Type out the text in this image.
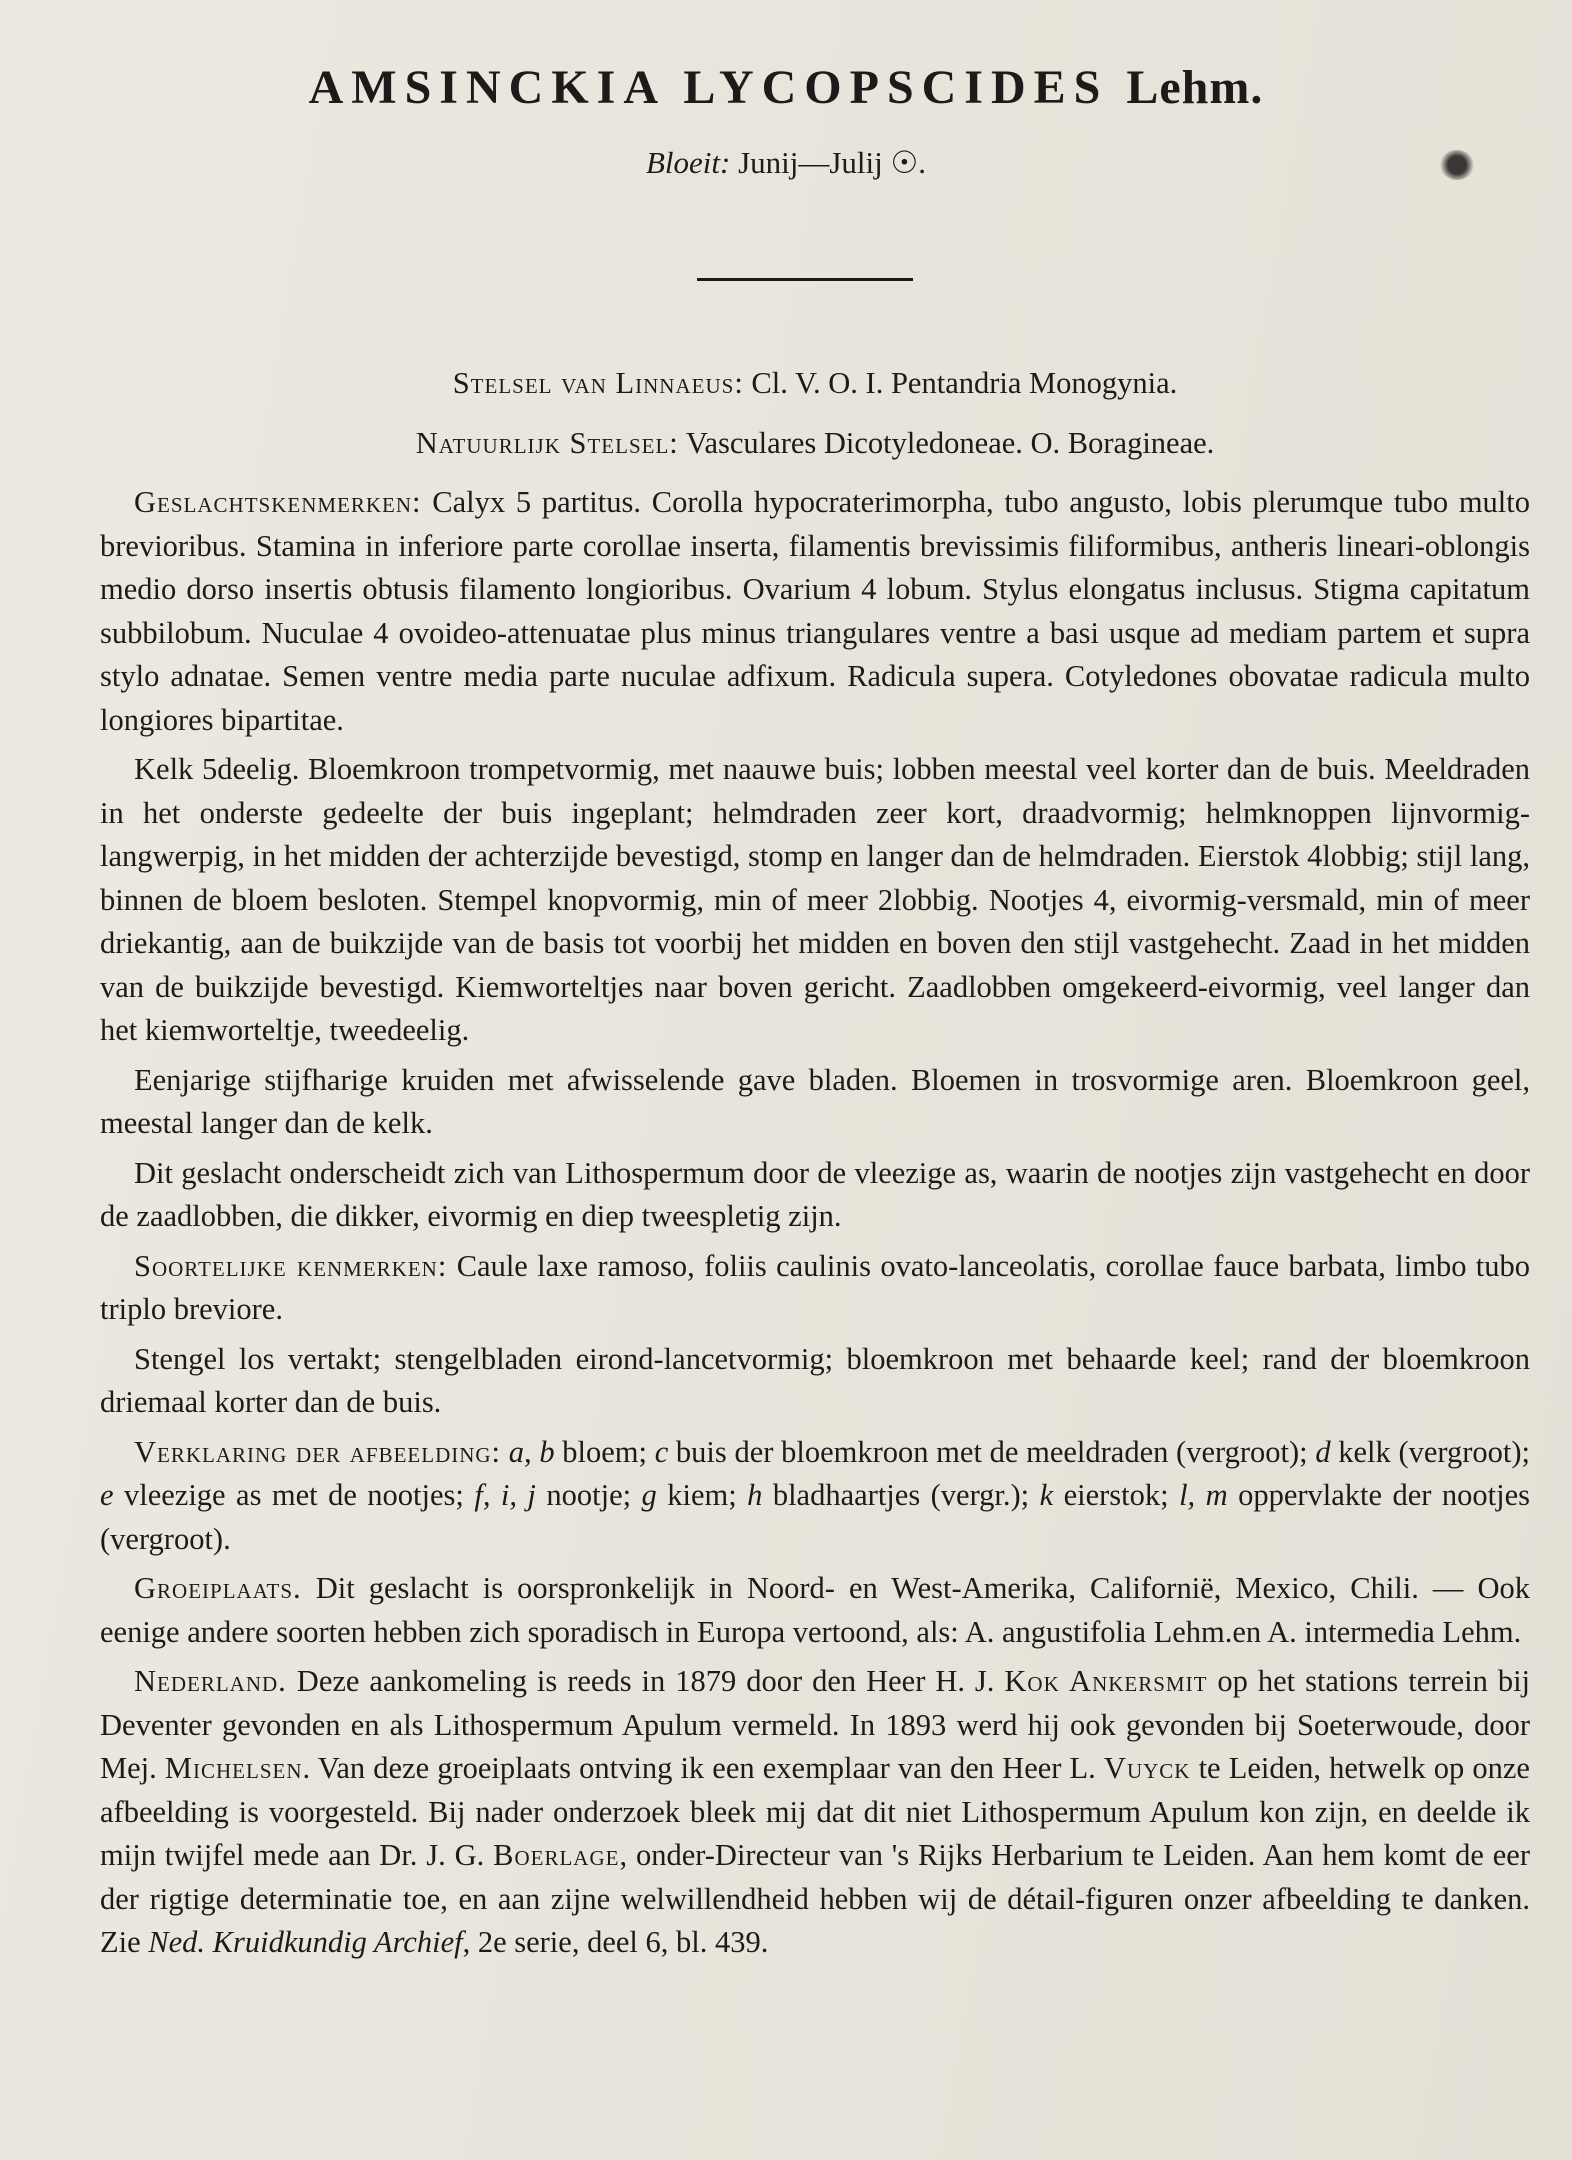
AMSINCKIA LYCOPSCIDES Lehm.
Bloeit: Junij—Julij ☉.

Stelsel van Linnaeus: Cl. V. O. I. Pentandria Monogynia.

Natuurlijk Stelsel: Vasculares Dicotyledoneae. O. Boragineae.

Geslachtskenmerken: Calyx 5 partitus. Corolla hypocraterimorpha, tubo angusto, lobis plerumque tubo multo brevioribus. Stamina in inferiore parte corollae inserta, filamentis brevissimis filiformibus, antheris lineari-oblongis medio dorso insertis obtusis filamento longioribus. Ovarium 4 lobum. Stylus elongatus inclusus. Stigma capitatum subbilobum. Nuculae 4 ovoideo-attenuatae plus minus triangulares ventre a basi usque ad mediam partem et supra stylo adnatae. Semen ventre media parte nuculae adfixum. Radicula supera. Cotyledones obovatae radicula multo longiores bipartitae.

Kelk 5deelig. Bloemkroon trompetvormig, met naauwe buis; lobben meestal veel korter dan de buis. Meeldraden in het onderste gedeelte der buis ingeplant; helmdraden zeer kort, draadvormig; helmknoppen lijnvormig-langwerpig, in het midden der achterzijde bevestigd, stomp en langer dan de helmdraden. Eierstok 4lobbig; stijl lang, binnen de bloem besloten. Stempel knopvormig, min of meer 2lobbig. Nootjes 4, eivormig-versmald, min of meer driekantig, aan de buikzijde van de basis tot voorbij het midden en boven den stijl vastgehecht. Zaad in het midden van de buikzijde bevestigd. Kiemworteltjes naar boven gericht. Zaadlobben omgekeerd-eivormig, veel langer dan het kiemworteltje, tweedeelig.

Eenjarige stijfharige kruiden met afwisselende gave bladen. Bloemen in trosvormige aren. Bloemkroon geel, meestal langer dan de kelk.

Dit geslacht onderscheidt zich van Lithospermum door de vleezige as, waarin de nootjes zijn vastgehecht en door de zaadlobben, die dikker, eivormig en diep tweespletig zijn.

Soortelijke kenmerken: Caule laxe ramoso, foliis caulinis ovato-lanceolatis, corollae fauce barbata, limbo tubo triplo breviore.

Stengel los vertakt; stengelbladen eirond-lancetvormig; bloemkroon met behaarde keel; rand der bloemkroon driemaal korter dan de buis.

Verklaring der afbeelding: a, b bloem; c buis der bloemkroon met de meeldraden (vergroot); d kelk (vergroot); e vleezige as met de nootjes; f, i, j nootje; g kiem; h bladhaartjes (vergr.); k eierstok; l, m oppervlakte der nootjes (vergroot).

Groeiplaats. Dit geslacht is oorspronkelijk in Noord- en West-Amerika, Californië, Mexico, Chili. — Ook eenige andere soorten hebben zich sporadisch in Europa vertoond, als: A. angustifolia Lehm.en A. intermedia Lehm.

Nederland. Deze aankomeling is reeds in 1879 door den Heer H. J. Kok Ankersmit op het stations terrein bij Deventer gevonden en als Lithospermum Apulum vermeld. In 1893 werd hij ook gevonden bij Soeterwoude, door Mej. Michelsen. Van deze groeiplaats ontving ik een exemplaar van den Heer L. Vuyck te Leiden, hetwelk op onze afbeelding is voorgesteld. Bij nader onderzoek bleek mij dat dit niet Lithospermum Apulum kon zijn, en deelde ik mijn twijfel mede aan Dr. J. G. Boerlage, onder-Directeur van 's Rijks Herbarium te Leiden. Aan hem komt de eer der rigtige determinatie toe, en aan zijne welwillendheid hebben wij de détail-figuren onzer afbeelding te danken. Zie Ned. Kruidkundig Archief, 2e serie, deel 6, bl. 439.
